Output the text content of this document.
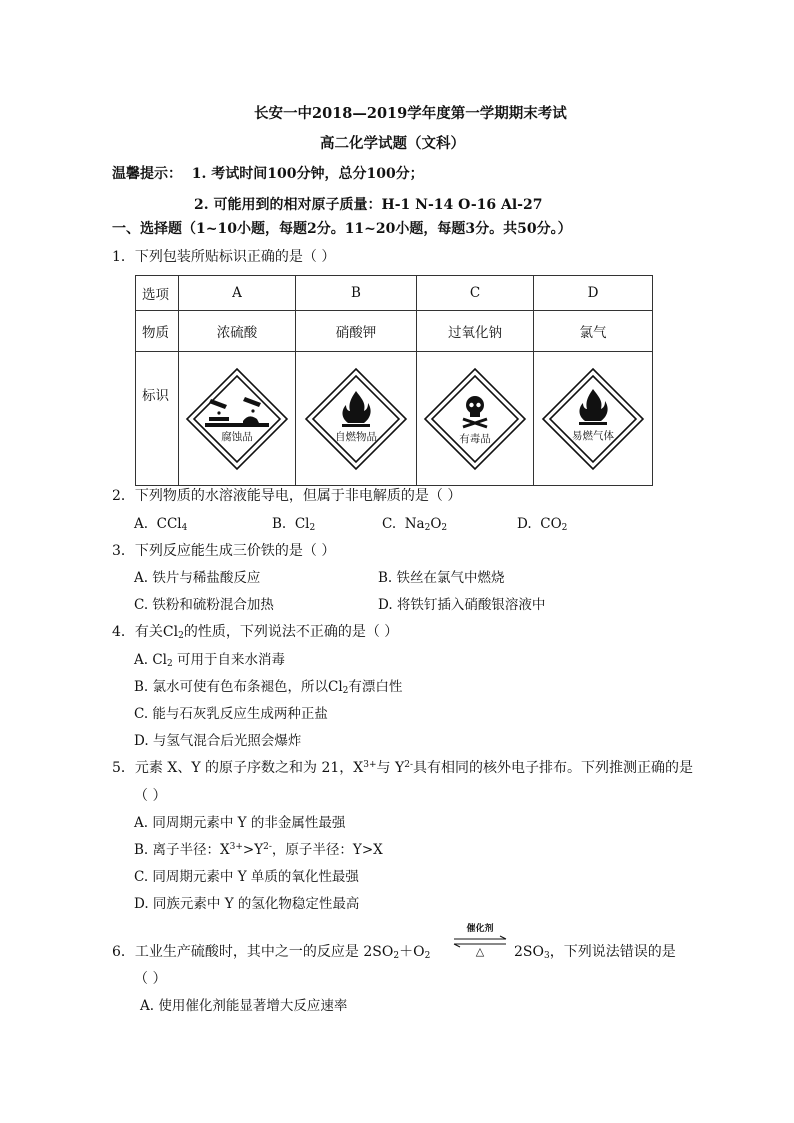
长安一中2018—2019学年度第一学期期末考试
高二化学试题（文科）
温馨提示： 1. 考试时间100分钟，总分100分；
2. 可能用到的相对原子质量：H-1 N-14 O-16 Al-27
一、选择题（1~10小题，每题2分。11~20小题，每题3分。共50分。）
1．下列包装所贴标识正确的是（ ）
选项	A	B	C	D
物质	浓硫酸	硝酸钾	过氧化钠	氯气
标识	腐蚀品	自燃物品	有毒品	易燃气体
2．下列物质的水溶液能导电，但属于非电解质的是（ ）
A. CCl$_4$	B. $Cl_2$	C. $Na_2O_2$	D. $CO_2$
3．下列反应能生成三价铁的是（ ）
A. 铁片与稀盐酸反应	B. 铁丝在氯气中燃烧
C. 铁粉和硫粉混合加热	D. 将铁钉插入硝酸银溶液中
4．有关$Cl_2$的性质，下列说法不正确的是（ ）
A. $Cl_2$ 可用于自来水消毒
B. 氯水可使有色布条褪色，所以$Cl_2$有漂白性
C. 能与石灰乳反应生成两种正盐
D. 与氢气混合后光照会爆炸
5．元素 X、Y 的原子序数之和为 21，$X^{3+}$与 $Y^{2-}$具有相同的核外电子排布。下列推测正确的是
（ ）
A. 同周期元素中 Y 的非金属性最强
B. 离子半径：$X^{3+}>Y^{2-}$，原子半径：Y>X
C. 同周期元素中 Y 单质的氧化性最强
D. 同族元素中 Y 的氢化物稳定性最高
6．工业生产硫酸时，其中之一的反应是 $2SO_2+O_2$
催化剂
△	$2SO_3$，下列说法错误的是
（ ）
A. 使用催化剂能显著增大反应速率
